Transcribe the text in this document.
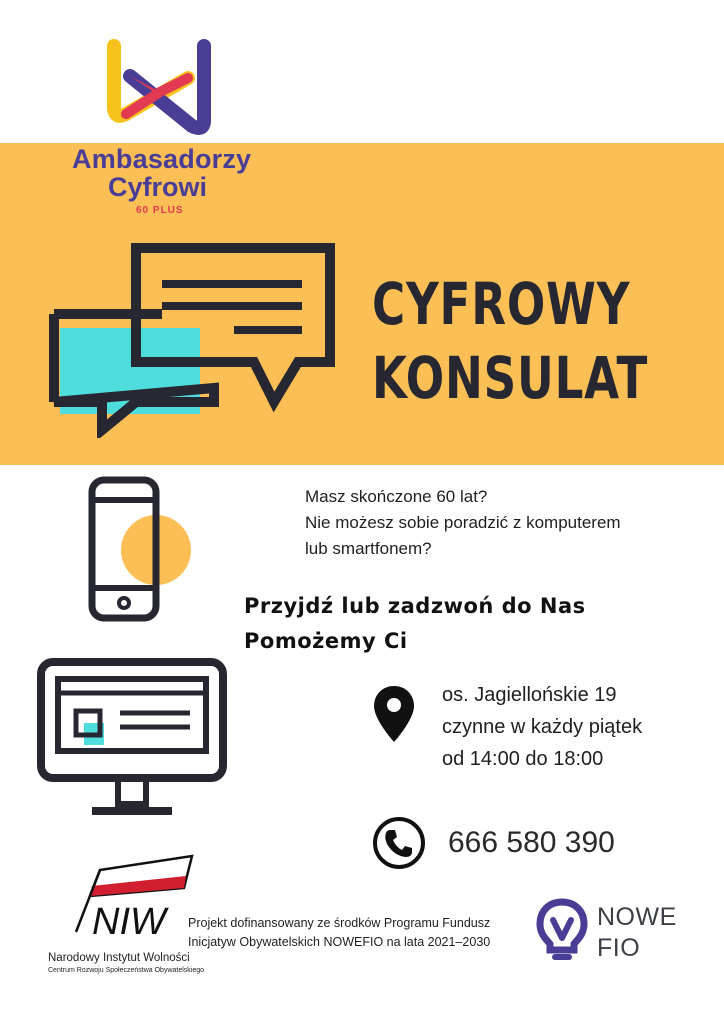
Ambasadorzy
Cyfrowi
60 PLUS
CYFROWY
KONSULAT
Masz skończone 60 lat?
Nie możesz sobie poradzić z komputerem
lub smartfonem?
Przyjdź lub zadzwoń do Nas
Pomożemy Ci
os. Jagiellońskie 19
czynne w każdy piątek
od 14:00 do 18:00
666 580 390
NIW
Narodowy Instytut Wolności
Centrum Rozwoju Społeczeństwa Obywatelskiego
Projekt dofinansowany ze środków Programu Fundusz
Inicjatyw Obywatelskich NOWEFIO na lata 2021–2030
NOWE
FIO
